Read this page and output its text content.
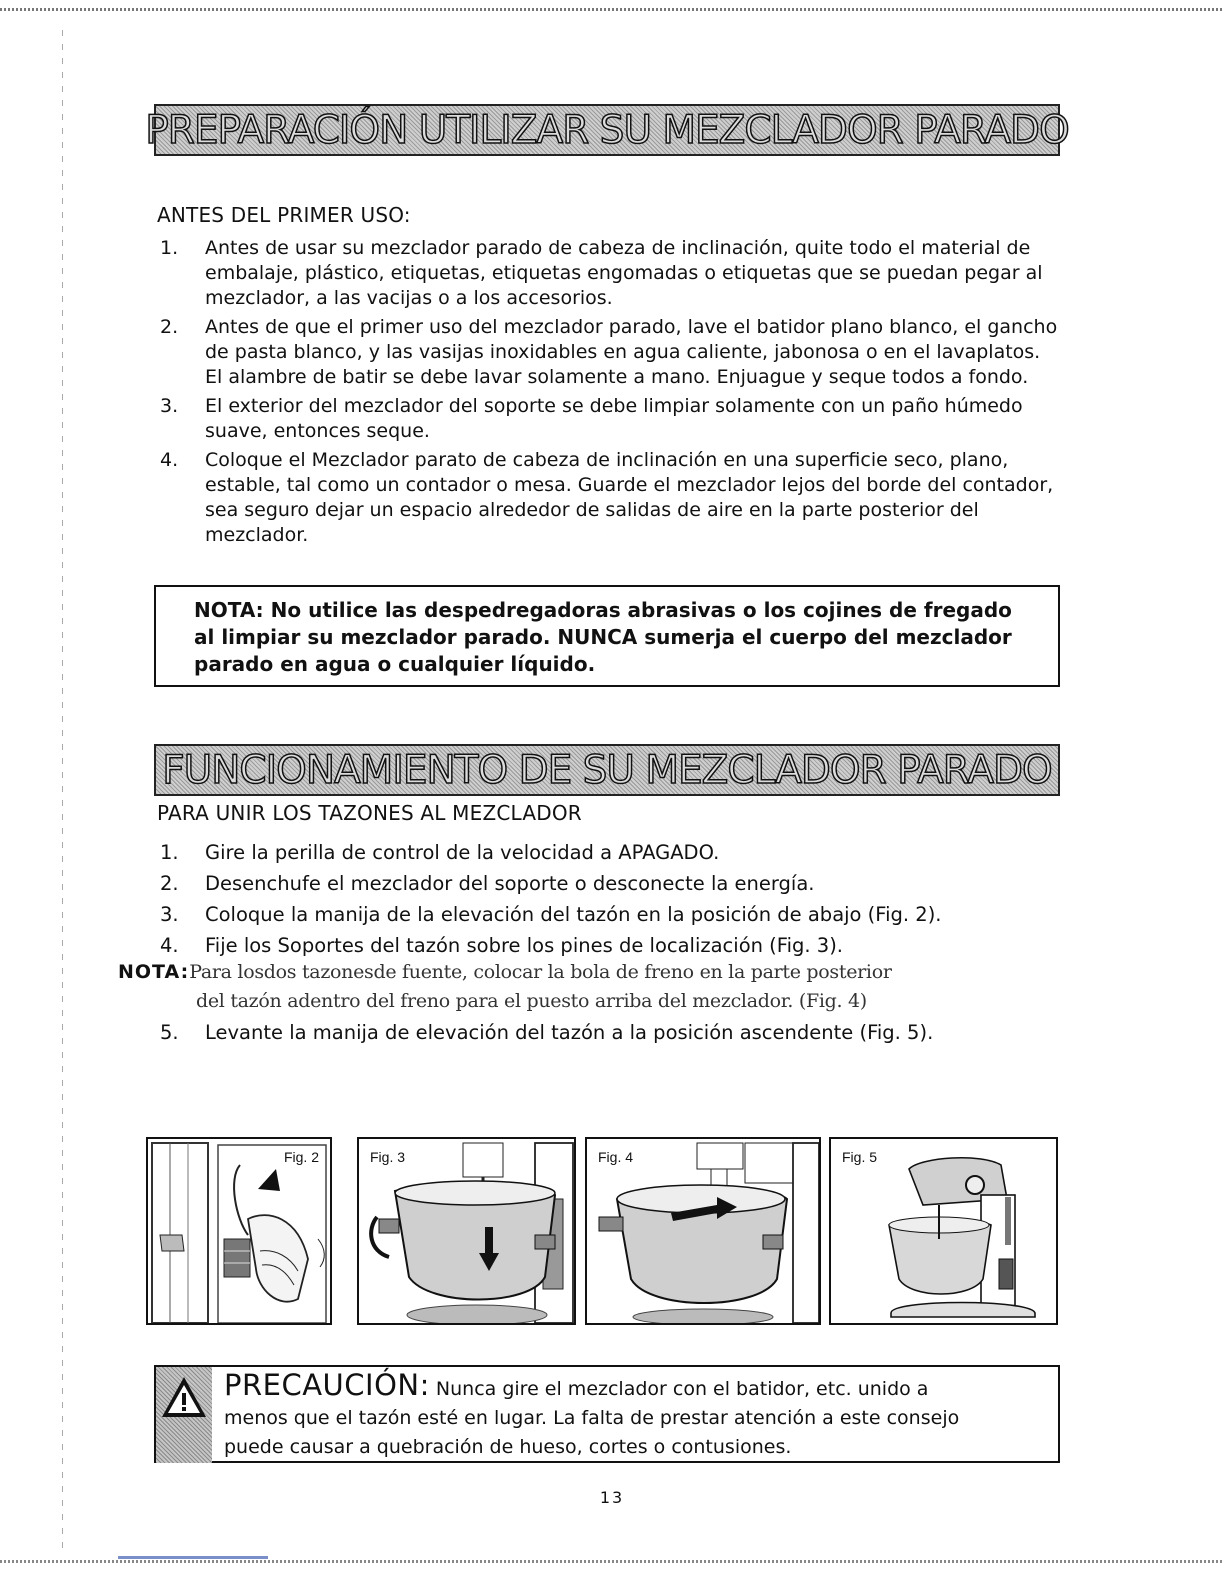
PREPARACIÓN UTILIZAR SU MEZCLADOR PARADO
ANTES DEL PRIMER USO:
1.	Antes de usar su mezclador parado de cabeza de inclinación, quite todo el material de embalaje, plástico, etiquetas, etiquetas engomadas o etiquetas que se puedan pegar al mezclador, a las vacijas o a los accesorios.
2.	Antes de que el primer uso del mezclador parado, lave el batidor plano blanco, el gancho de pasta blanco, y las vasijas inoxidables en agua caliente, jabonosa o en el lavaplatos. El alambre de batir se debe lavar solamente a mano. Enjuague y seque todos a fondo.
3.	El exterior del mezclador del soporte se debe limpiar solamente con un paño húmedo suave, entonces seque.
4.	Coloque el Mezclador parato de cabeza de inclinación en una superficie seco, plano, estable, tal como un contador o mesa. Guarde el mezclador lejos del borde del contador, sea seguro dejar un espacio alrededor de salidas de aire en la parte posterior del mezclador.

NOTA: No utilice las despedregadoras abrasivas o los cojines de fregado al limpiar su mezclador parado. NUNCA sumerja el cuerpo del mezclador parado en agua o cualquier líquido.

FUNCIONAMIENTO DE SU MEZCLADOR PARADO
PARA UNIR LOS TAZONES AL MEZCLADOR
1.	Gire la perilla de control de la velocidad a APAGADO.
2.	Desenchufe el mezclador del soporte o desconecte la energía.
3.	Coloque la manija de la elevación del tazón en la posición de abajo (Fig. 2).
4.	Fije los Soportes del tazón sobre los pines de localización (Fig. 3).
NOTA:Para losdos tazonesde fuente, colocar la bola de freno en la parte posterior
del tazón adentro del freno para el puesto arriba del mezclador. (Fig. 4)
5.	Levante la manija de elevación del tazón a la posición ascendente (Fig. 5).
Fig. 2	Fig. 3	Fig. 4	Fig. 5
PRECAUCIÓN: Nunca gire el mezclador con el batidor, etc. unido a
menos que el tazón esté en lugar. La falta de prestar atención a este consejo
puede causar a quebración de hueso, cortes o contusiones.
13
